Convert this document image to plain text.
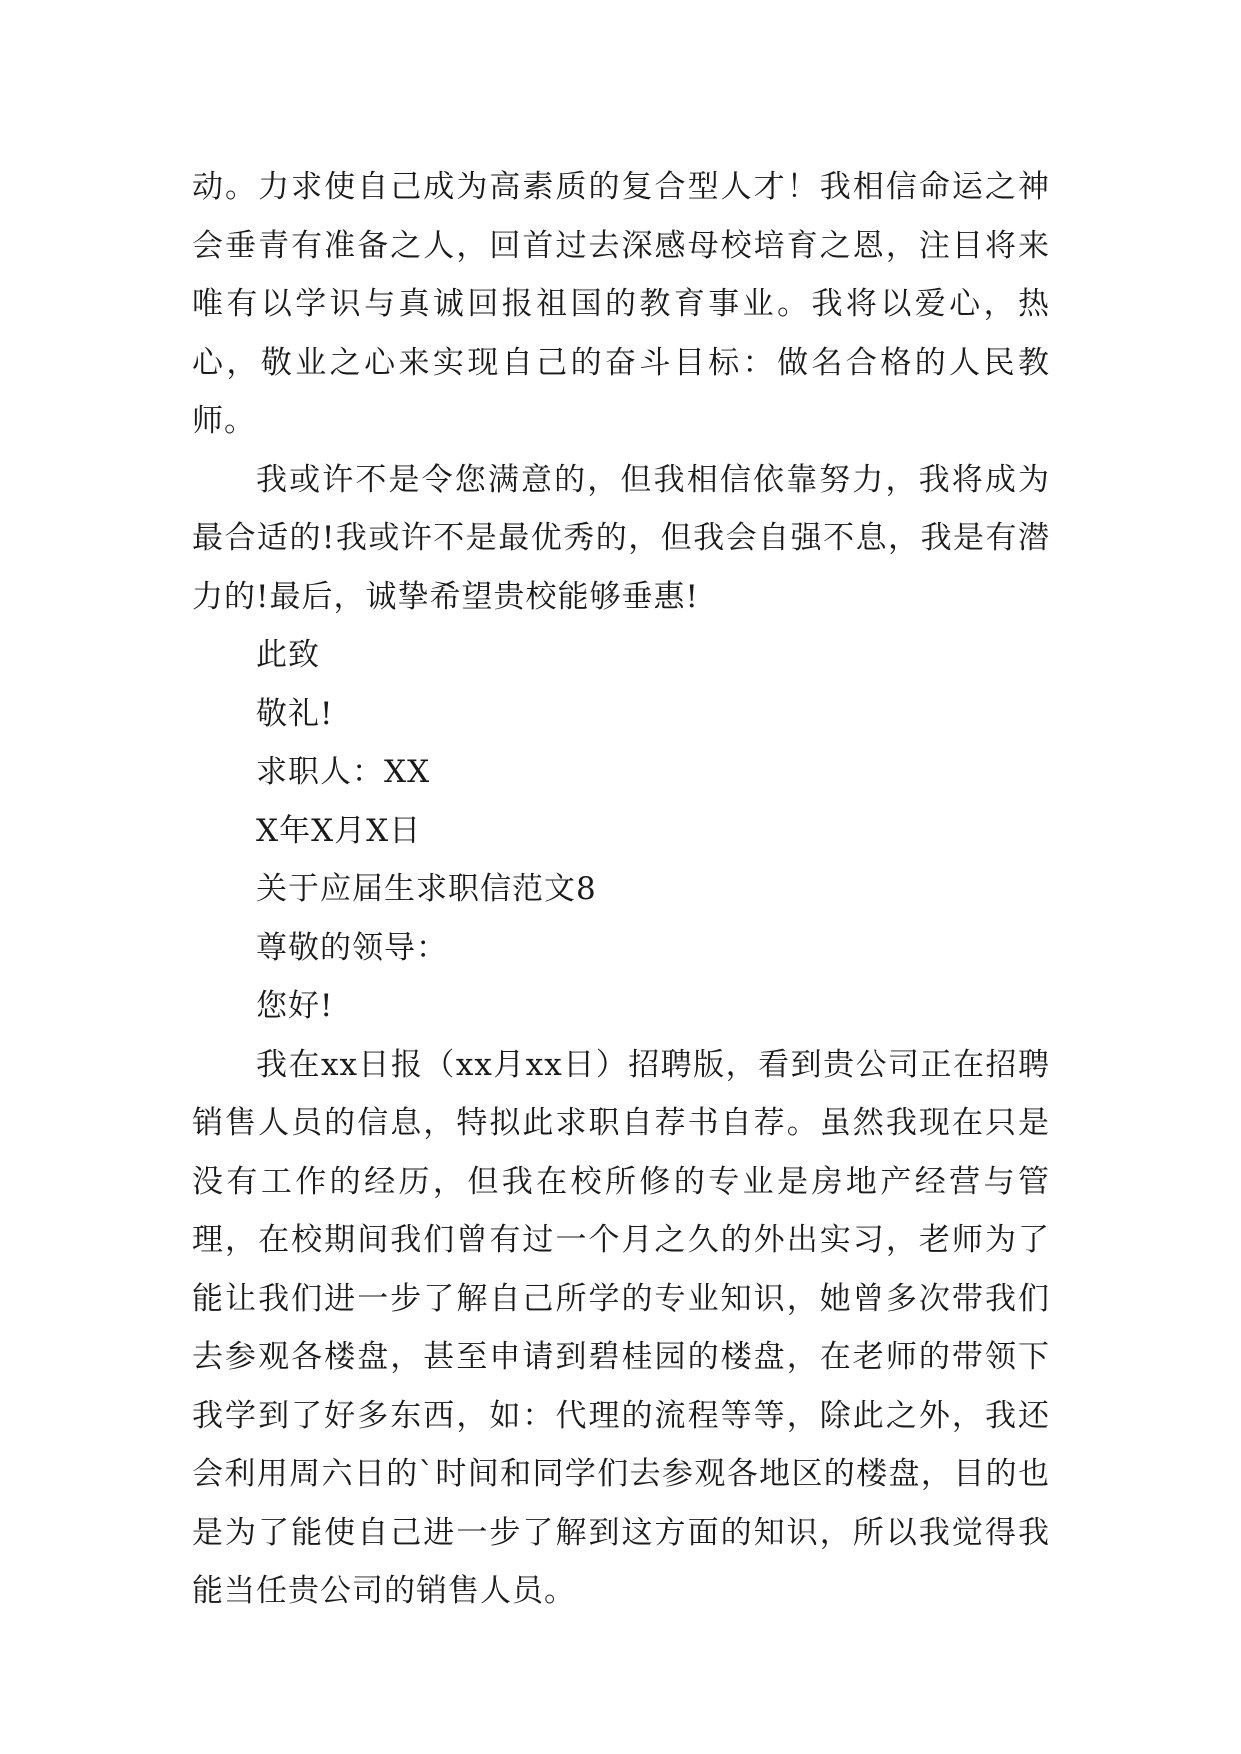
动。力求使自己成为高素质的复合型人才！我相信命运之神会垂青有准备之人，回首过去深感母校培育之恩，注目将来唯有以学识与真诚回报祖国的教育事业。我将以爱心，热心，敬业之心来实现自己的奋斗目标：做名合格的人民教师。

我或许不是令您满意的，但我相信依靠努力，我将成为最合适的!我或许不是最优秀的，但我会自强不息，我是有潜力的!最后，诚挚希望贵校能够垂惠!

此致

敬礼!

求职人：XX

X年X月X日

关于应届生求职信范文8

尊敬的领导：

您好!

我在xx日报（xx月xx日）招聘版，看到贵公司正在招聘销售人员的信息，特拟此求职自荐书自荐。虽然我现在只是没有工作的经历，但我在校所修的专业是房地产经营与管理，在校期间我们曾有过一个月之久的外出实习，老师为了能让我们进一步了解自己所学的专业知识，她曾多次带我们去参观各楼盘，甚至申请到碧桂园的楼盘，在老师的带领下我学到了好多东西，如：代理的流程等等，除此之外，我还会利用周六日的`时间和同学们去参观各地区的楼盘，目的也是为了能使自己进一步了解到这方面的知识，所以我觉得我能当任贵公司的销售人员。
